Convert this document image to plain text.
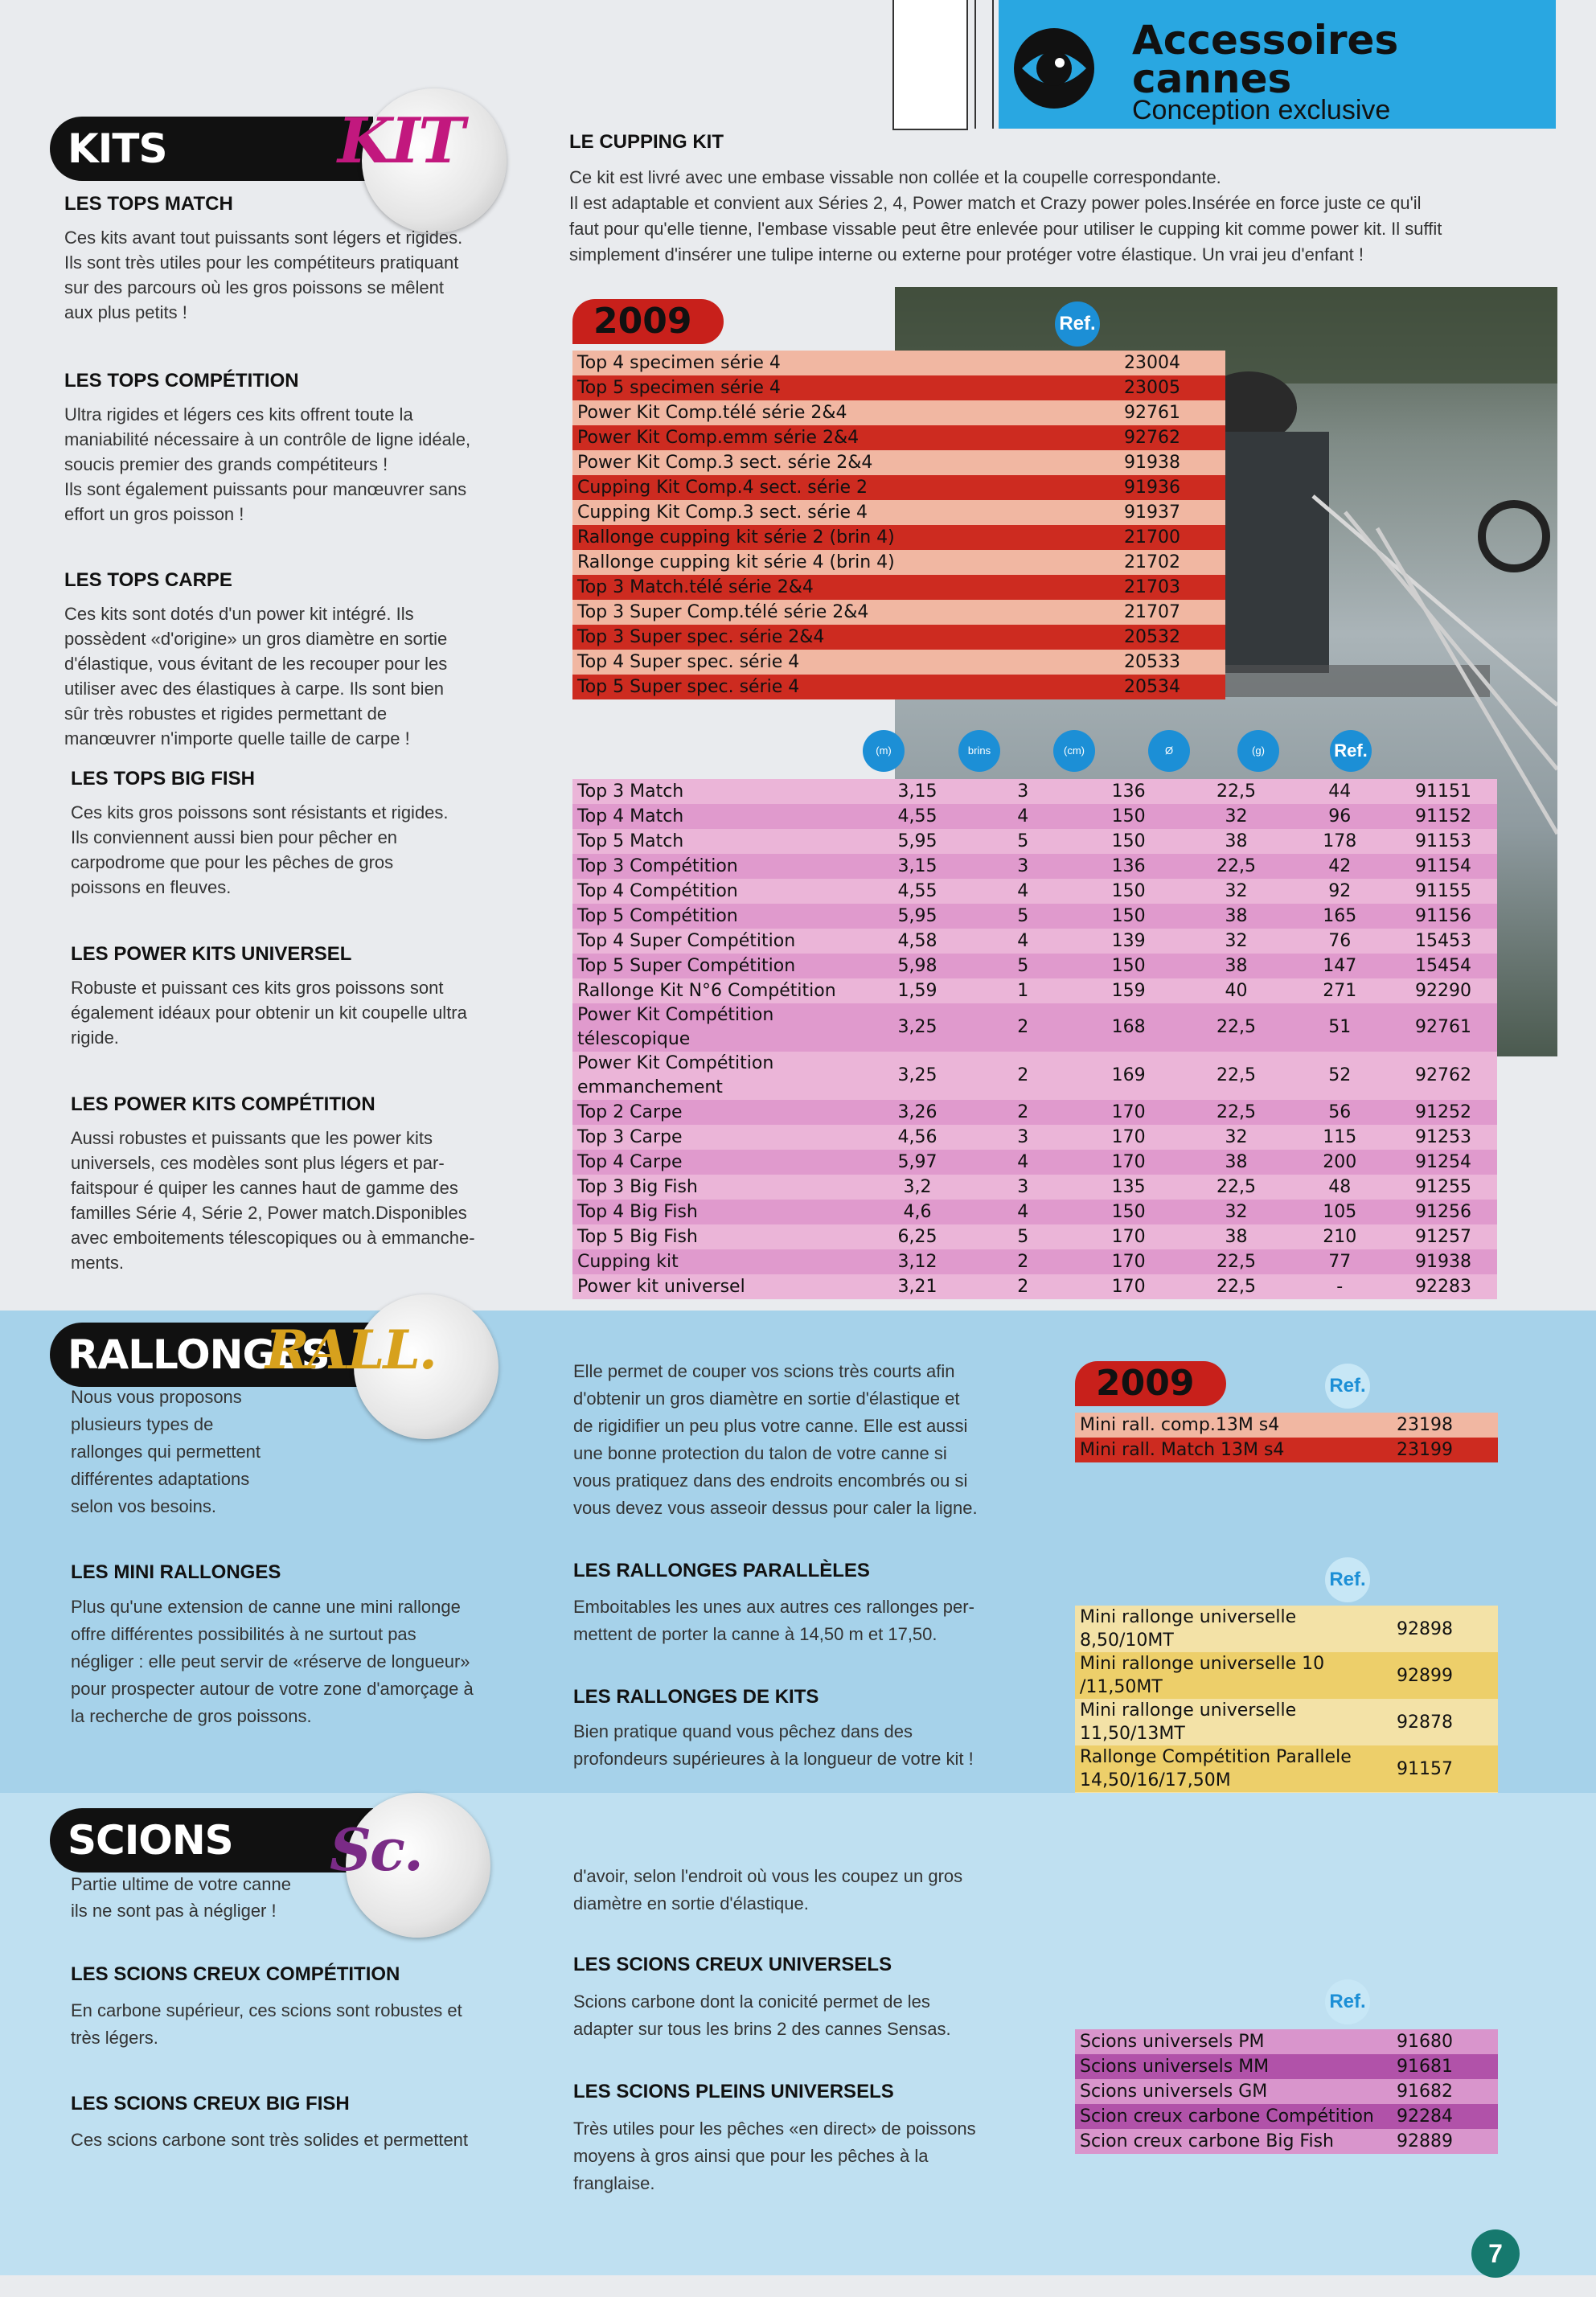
Accessoires
cannes
Conception exclusive
KITS	KIT
LES TOPS MATCH
Ces kits avant tout puissants sont légers et rigides.
Ils sont très utiles pour les compétiteurs pratiquant
sur des parcours où les gros poissons se mêlent
aux plus petits !
LES TOPS COMPÉTITION
Ultra rigides et légers ces kits offrent toute la
maniabilité nécessaire à un contrôle de ligne idéale,
soucis premier des grands compétiteurs !
Ils sont également puissants pour manœuvrer sans
effort un gros poisson !
LES TOPS CARPE
Ces kits sont dotés d'un power kit intégré. Ils
possèdent «d'origine» un gros diamètre en sortie
d'élastique, vous évitant de les recouper pour les
utiliser avec des élastiques à carpe. Ils sont bien
sûr très robustes et rigides permettant de
manœuvrer n'importe quelle taille de carpe !
LES TOPS BIG FISH
Ces kits gros poissons sont résistants et rigides.
Ils conviennent aussi bien pour pêcher en
carpodrome que pour les pêches de gros
poissons en fleuves.
LES POWER KITS UNIVERSEL
Robuste et puissant ces kits gros poissons sont
également idéaux pour obtenir un kit coupelle ultra
rigide.
LES POWER KITS COMPÉTITION
Aussi robustes et puissants que les power kits
universels, ces modèles sont plus légers et par-
faitspour é quiper les cannes haut de gamme des
familles Série 4, Série 2, Power match.Disponibles
avec emboitements télescopiques ou à emmanche-
ments.
LE CUPPING KIT
Ce kit est livré avec une embase vissable non collée et la coupelle correspondante.
Il est adaptable et convient aux Séries 2, 4, Power match et Crazy power poles.Insérée en force juste ce qu'il
faut pour qu'elle tienne, l'embase vissable peut être enlevée pour utiliser le cupping kit comme power kit. Il suffit
simplement d'insérer une tulipe interne ou externe pour protéger votre élastique. Un vrai jeu d'enfant !
2009	Ref.
Top 4 specimen série 4	23004
Top 5 specimen série 4	23005
Power Kit Comp.télé série 2&4	92761
Power Kit Comp.emm série 2&4	92762
Power Kit Comp.3 sect. série 2&4	91938
Cupping Kit Comp.4 sect. série 2	91936
Cupping Kit Comp.3 sect. série 4	91937
Rallonge cupping kit série 2 (brin 4)	21700
Rallonge cupping kit série 4 (brin 4)	21702
Top 3 Match.télé série 2&4	21703
Top 3 Super Comp.télé série 2&4	21707
Top 3 Super spec. série 2&4	20532
Top 4 Super spec. série 4	20533
Top 5 Super spec. série 4	20534
(m)	brins	(cm)	Ø	(g)	Ref.
Top 3 Match	3,15	3	136	22,5	44	91151
Top 4 Match	4,55	4	150	32	96	91152
Top 5 Match	5,95	5	150	38	178	91153
Top 3 Compétition	3,15	3	136	22,5	42	91154
Top 4 Compétition	4,55	4	150	32	92	91155
Top 5 Compétition	5,95	5	150	38	165	91156
Top 4 Super Compétition	4,58	4	139	32	76	15453
Top 5 Super Compétition	5,98	5	150	38	147	15454
Rallonge Kit N°6 Compétition	1,59	1	159	40	271	92290
Power Kit Compétition télescopique	3,25	2	168	22,5	51	92761
Power Kit Compétition emmanchement	3,25	2	169	22,5	52	92762
Top 2 Carpe	3,26	2	170	22,5	56	91252
Top 3 Carpe	4,56	3	170	32	115	91253
Top 4 Carpe	5,97	4	170	38	200	91254
Top 3 Big Fish	3,2	3	135	22,5	48	91255
Top 4 Big Fish	4,6	4	150	32	105	91256
Top 5 Big Fish	6,25	5	170	38	210	91257
Cupping kit	3,12	2	170	22,5	77	91938
Power kit universel	3,21	2	170	22,5	-	92283
RALLONGES
RALL.
Nous vous proposons
plusieurs types de
rallonges qui permettent
différentes adaptations
selon vos besoins.
LES MINI RALLONGES
Plus qu'une extension de canne une mini rallonge
offre différentes possibilités à ne surtout pas
négliger : elle peut servir de «réserve de longueur»
pour prospecter autour de votre zone d'amorçage à
la recherche de gros poissons.
Elle permet de couper vos scions très courts afin
d'obtenir un gros diamètre en sortie d'élastique et
de rigidifier un peu plus votre canne. Elle est aussi
une bonne protection du talon de votre canne si
vous pratiquez dans des endroits encombrés ou si
vous devez vous asseoir dessus pour caler la ligne.
LES RALLONGES PARALLÈLES
Emboitables les unes aux autres ces rallonges per-
mettent de porter la canne à 14,50 m et 17,50.
LES RALLONGES DE KITS
Bien pratique quand vous pêchez dans des
profondeurs supérieures à la longueur de votre kit !
2009	Ref.
Mini rall. comp.13M s4	23198
Mini rall. Match 13M s4	23199
Ref.
Mini rallonge universelle 8,50/10MT	92898
Mini rallonge universelle 10 /11,50MT	92899
Mini rallonge universelle 11,50/13MT	92878
Rallonge Compétition Parallele 14,50/16/17,50M	91157

SCIONS	Sc.
Partie ultime de votre canne
ils ne sont pas à négliger !
LES SCIONS CREUX COMPÉTITION
En carbone supérieur, ces scions sont robustes et
très légers.
LES SCIONS CREUX BIG FISH
Ces scions carbone sont très solides et permettent
d'avoir, selon l'endroit où vous les coupez un gros
diamètre en sortie d'élastique.
LES SCIONS CREUX UNIVERSELS
Scions carbone dont la conicité permet de les
adapter sur tous les brins 2 des cannes Sensas.
LES SCIONS PLEINS UNIVERSELS
Très utiles pour les pêches «en direct» de poissons
moyens à gros ainsi que pour les pêches à la
franglaise.
Ref.
Scions universels PM	91680
Scions universels MM	91681
Scions universels GM	91682
Scion creux carbone Compétition	92284
Scion creux carbone Big Fish	92889
7
